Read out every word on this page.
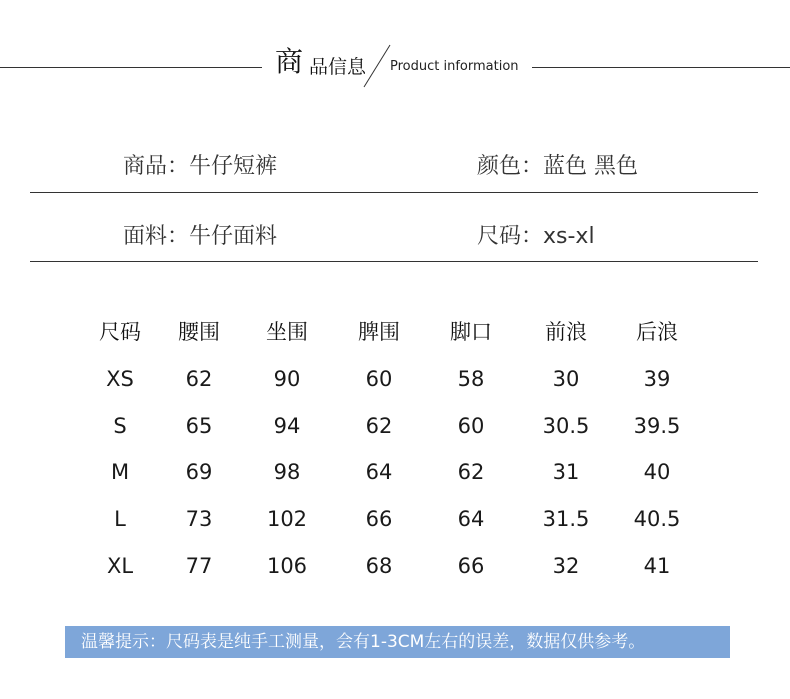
商 品信息 Product information
商品：牛仔短裤	颜色：蓝色 黑色
面料：牛仔面料	尺码：xs-xl
尺码	腰围	坐围	脾围	脚口	前浪	后浪
XS	62	90	60	58	30	39
S	65	94	62	60	30.5	39.5
M	69	98	64	62	31	40
L	73	102	66	64	31.5	40.5
XL	77	106	68	66	32	41
温馨提示：尺码表是纯手工测量，会有1-3CM左右的误差，数据仅供参考。
